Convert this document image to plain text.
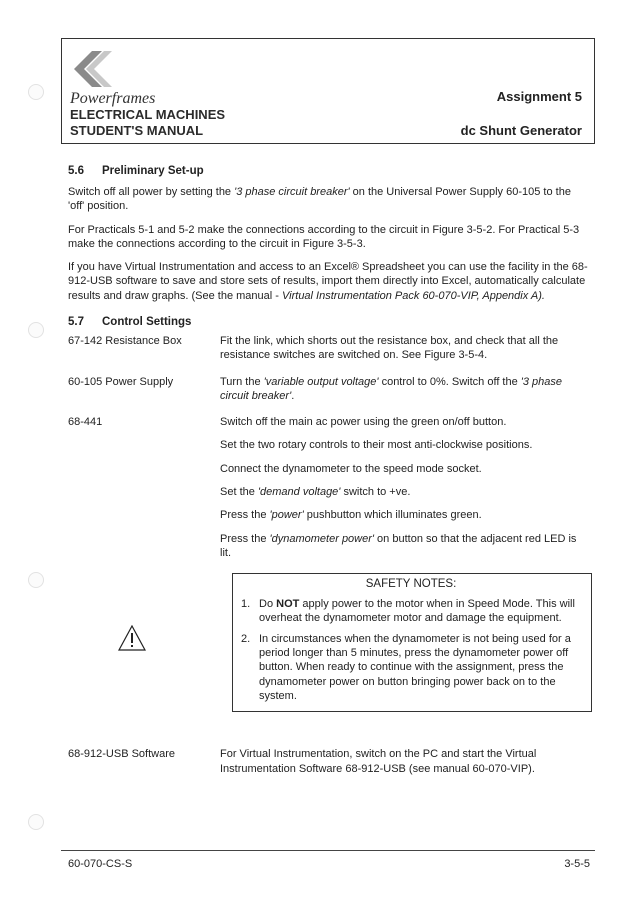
Powerframes
ELECTRICAL MACHINES
STUDENT'S MANUAL
Assignment 5
dc Shunt Generator
5.6 Preliminary Set-up

Switch off all power by setting the '3 phase circuit breaker' on the Universal Power Supply 60-105 to the 'off' position.

For Practicals 5-1 and 5-2 make the connections according to the circuit in Figure 3-5-2. For Practical 5-3 make the connections according to the circuit in Figure 3-5-3.

If you have Virtual Instrumentation and access to an Excel® Spreadsheet you can use the facility in the 68-912-USB software to save and store sets of results, import them directly into Excel, automatically calculate results and draw graphs. (See the manual - Virtual Instrumentation Pack 60-070-VIP, Appendix A).

5.7 Control Settings
67-142 Resistance Box	Fit the link, which shorts out the resistance box, and check that all the resistance switches are switched on. See Figure 3-5-4.
60-105 Power Supply	Turn the 'variable output voltage' control to 0%. Switch off the '3 phase circuit breaker'.
68-441	Switch off the main ac power using the green on/off button.

Set the two rotary controls to their most anti-clockwise positions.

Connect the dynamometer to the speed mode socket.

Set the 'demand voltage' switch to +ve.

Press the 'power' pushbutton which illuminates green.

Press the 'dynamometer power' on button so that the adjacent red LED is lit.

SAFETY NOTES:
1. Do NOT apply power to the motor when in Speed Mode. This will overheat the dynamometer motor and damage the equipment.
2. In circumstances when the dynamometer is not being used for a period longer than 5 minutes, press the dynamometer power off button. When ready to continue with the assignment, press the dynamometer power on button bringing power back on to the system.
68-912-USB Software	For Virtual Instrumentation, switch on the PC and start the Virtual Instrumentation Software 68-912-USB (see manual 60-070-VIP).
60-070-CS-S	3-5-5
